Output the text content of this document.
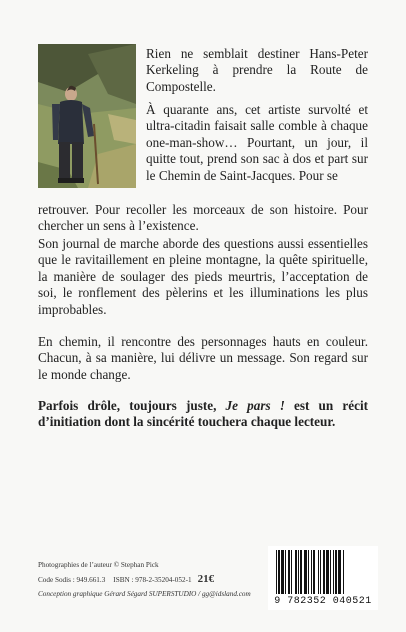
Rien ne semblait destiner Hans-Peter Kerkeling à prendre la Route de Compostelle.

À quarante ans, cet artiste survolté et ultra-citadin faisait salle comble à chaque one-man-show… Pourtant, un jour, il quitte tout, prend son sac à dos et part sur le Chemin de Saint-Jacques. Pour se

retrouver. Pour recoller les morceaux de son histoire. Pour chercher un sens à l’existence.

Son journal de marche aborde des questions aussi essentielles que le ravitaillement en pleine montagne, la quête spirituelle, la manière de soulager des pieds meurtris, l’acceptation de soi, le ronflement des pèlerins et les illuminations les plus improbables.

En chemin, il rencontre des personnages hauts en couleur. Chacun, à sa manière, lui délivre un message. Son regard sur le monde change.

Parfois drôle, toujours juste, Je pars ! est un récit d’initiation dont la sincérité touchera chaque lecteur.

Photographies de l’auteur © Stephan Pick
Code Sodis : 949.661.3 ISBN : 978-2-35204-052-1 21€
Conception graphique Gérard Ségard SUPERSTUDIO / gg@idsland.com
9 782352 040521
